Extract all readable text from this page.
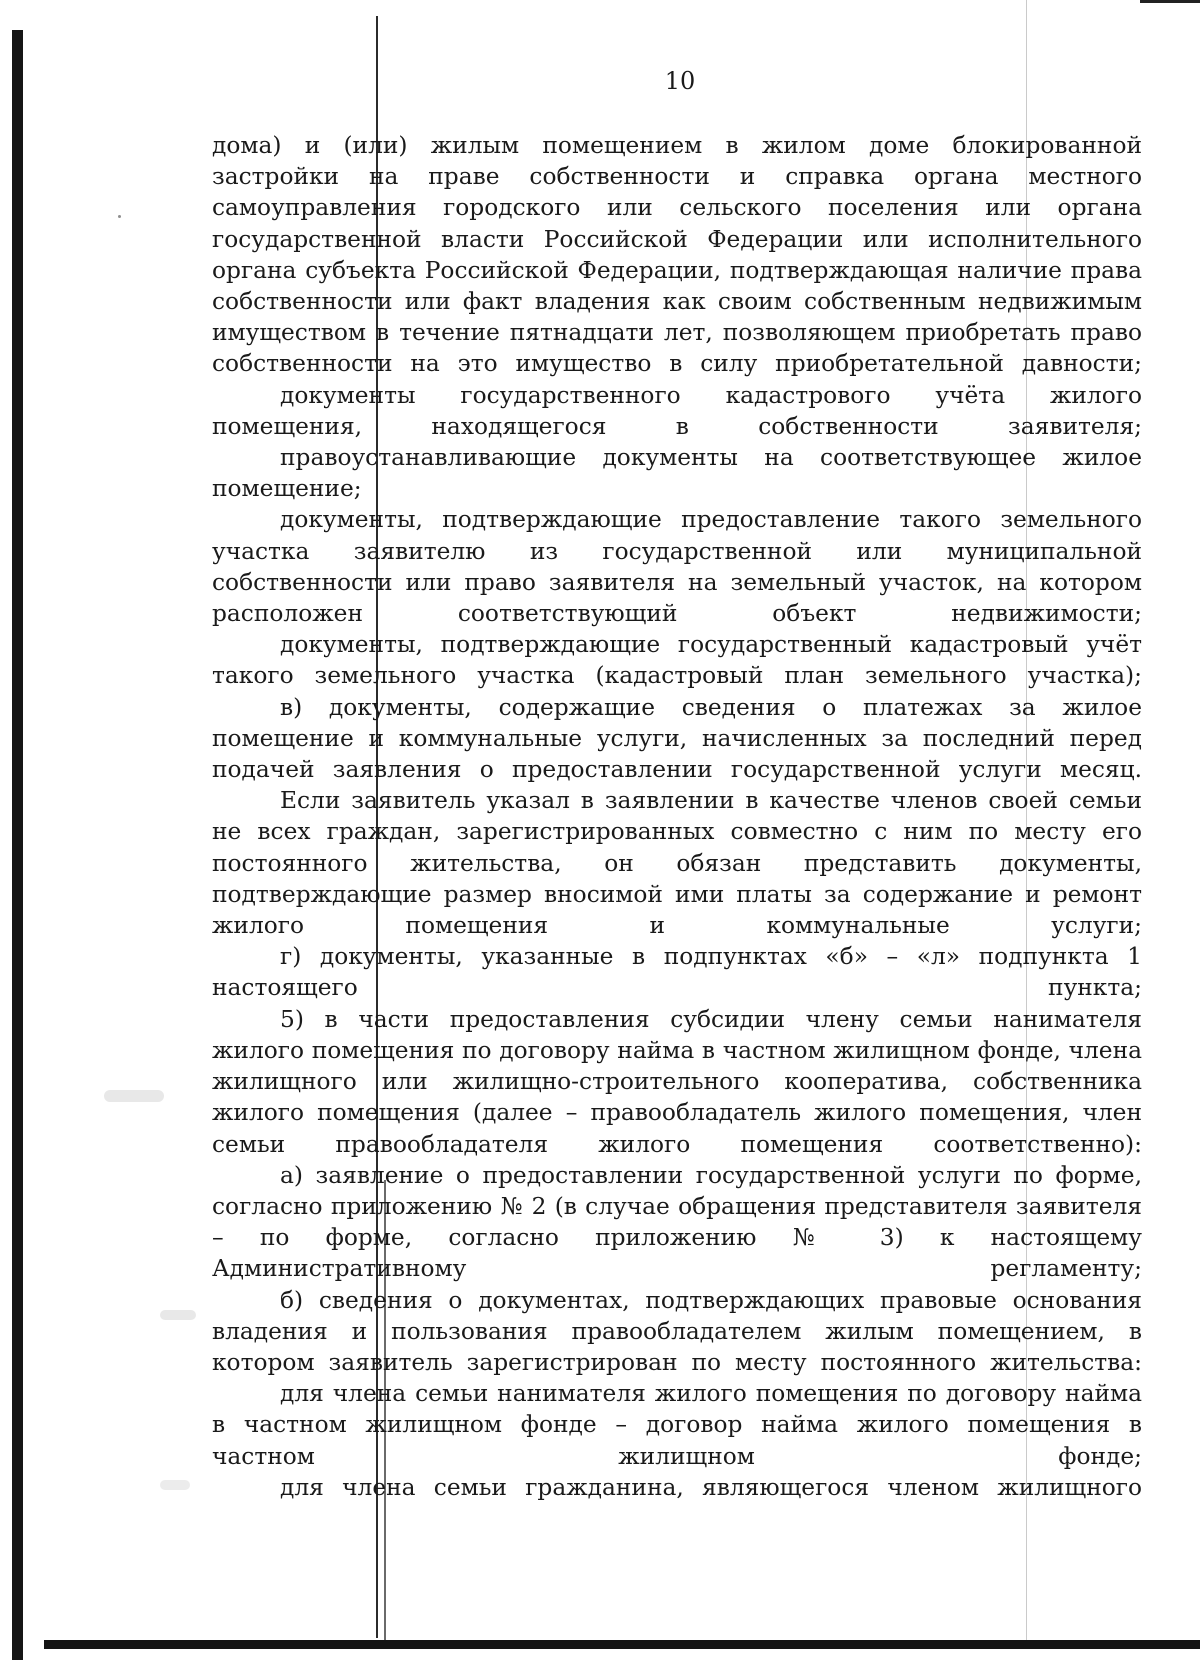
10

дома) и (или) жилым помещением в жилом доме блокированной застройки на праве собственности и справка органа местного самоуправления городского или сельского поселения или органа государственной власти Российской Федерации или исполнительного органа субъекта Российской Федерации, подтверждающая наличие права собственности или факт владения как своим собственным недвижимым имуществом в течение пятнадцати лет, позволяющем приобретать право собственности на это имущество в силу приобретательной давности;

документы государственного кадастрового учёта жилого помещения, находящегося в собственности заявителя;

правоустанавливающие документы на соответствующее жилое помещение;

документы, подтверждающие предоставление такого земельного участка заявителю из государственной или муниципальной собственности или право заявителя на земельный участок, на котором расположен соответствующий объект недвижимости;

документы, подтверждающие государственный кадастровый учёт такого земельного участка (кадастровый план земельного участка);

в) документы, содержащие сведения о платежах за жилое помещение и коммунальные услуги, начисленных за последний перед подачей заявления о предоставлении государственной услуги месяц.

Если заявитель указал в заявлении в качестве членов своей семьи не всех граждан, зарегистрированных совместно с ним по месту его постоянного жительства, он обязан представить документы, подтверждающие размер вносимой ими платы за содержание и ремонт жилого помещения и коммунальные услуги;

г) документы, указанные в подпунктах «б» – «л» подпункта 1 настоящего пункта;

5) в части предоставления субсидии члену семьи нанимателя жилого помещения по договору найма в частном жилищном фонде, члена жилищного или жилищно-строительного кооператива, собственника жилого помещения (далее – правообладатель жилого помещения, член семьи правообладателя жилого помещения соответственно):

а) заявление о предоставлении государственной услуги по форме, согласно приложению № 2 (в случае обращения представителя заявителя – по форме, согласно приложению № 3) к настоящему Административному регламенту;

б) сведения о документах, подтверждающих правовые основания владения и пользования правообладателем жилым помещением, в котором заявитель зарегистрирован по месту постоянного жительства:

для члена семьи нанимателя жилого помещения по договору найма в частном жилищном фонде – договор найма жилого помещения в частном жилищном фонде;

для члена семьи гражданина, являющегося членом жилищного
